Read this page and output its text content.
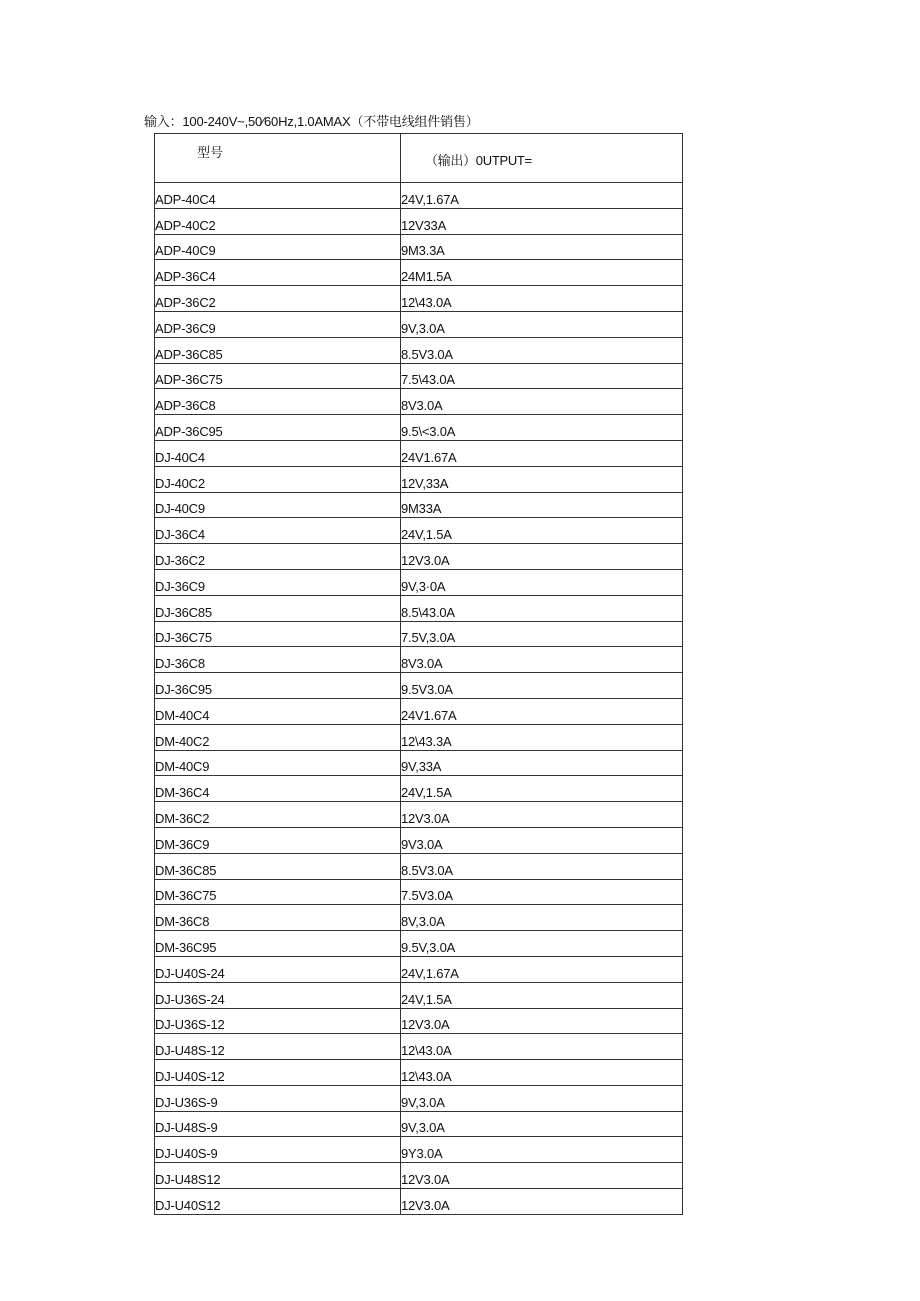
输入：100-240V~,50⁄60Hz,1.0AMAX（不带电线组件销售）
型号	（输出）0UTPUT=

ADP-40C4	24V,1.67A
ADP-40C2	12V33A
ADP-40C9	9M3.3A
ADP-36C4	24M1.5A
ADP-36C2	12\43.0A
ADP-36C9	9V,3.0A
ADP-36C85	8.5V3.0A
ADP-36C75	7.5\43.0A
ADP-36C8	8V3.0A
ADP-36C95	9.5\<3.0A
DJ-40C4	24V1.67A
DJ-40C2	12V,33A
DJ-40C9	9M33A
DJ-36C4	24V,1.5A
DJ-36C2	12V3.0A
DJ-36C9	9V,3·0A
DJ-36C85	8.5\43.0A
DJ-36C75	7.5V,3.0A
DJ-36C8	8V3.0A
DJ-36C95	9.5V3.0A
DM-40C4	24V1.67A
DM-40C2	12\43.3A
DM-40C9	9V,33A
DM-36C4	24V,1.5A
DM-36C2	12V3.0A
DM-36C9	9V3.0A
DM-36C85	8.5V3.0A
DM-36C75	7.5V3.0A
DM-36C8	8V,3.0A
DM-36C95	9.5V,3.0A
DJ-U40S-24	24V,1.67A
DJ-U36S-24	24V,1.5A
DJ-U36S-12	12V3.0A
DJ-U48S-12	12\43.0A
DJ-U40S-12	12\43.0A
DJ-U36S-9	9V,3.0A
DJ-U48S-9	9V,3.0A
DJ-U40S-9	9Y3.0A
DJ-U48S12	12V3.0A
DJ-U40S12	12V3.0A
